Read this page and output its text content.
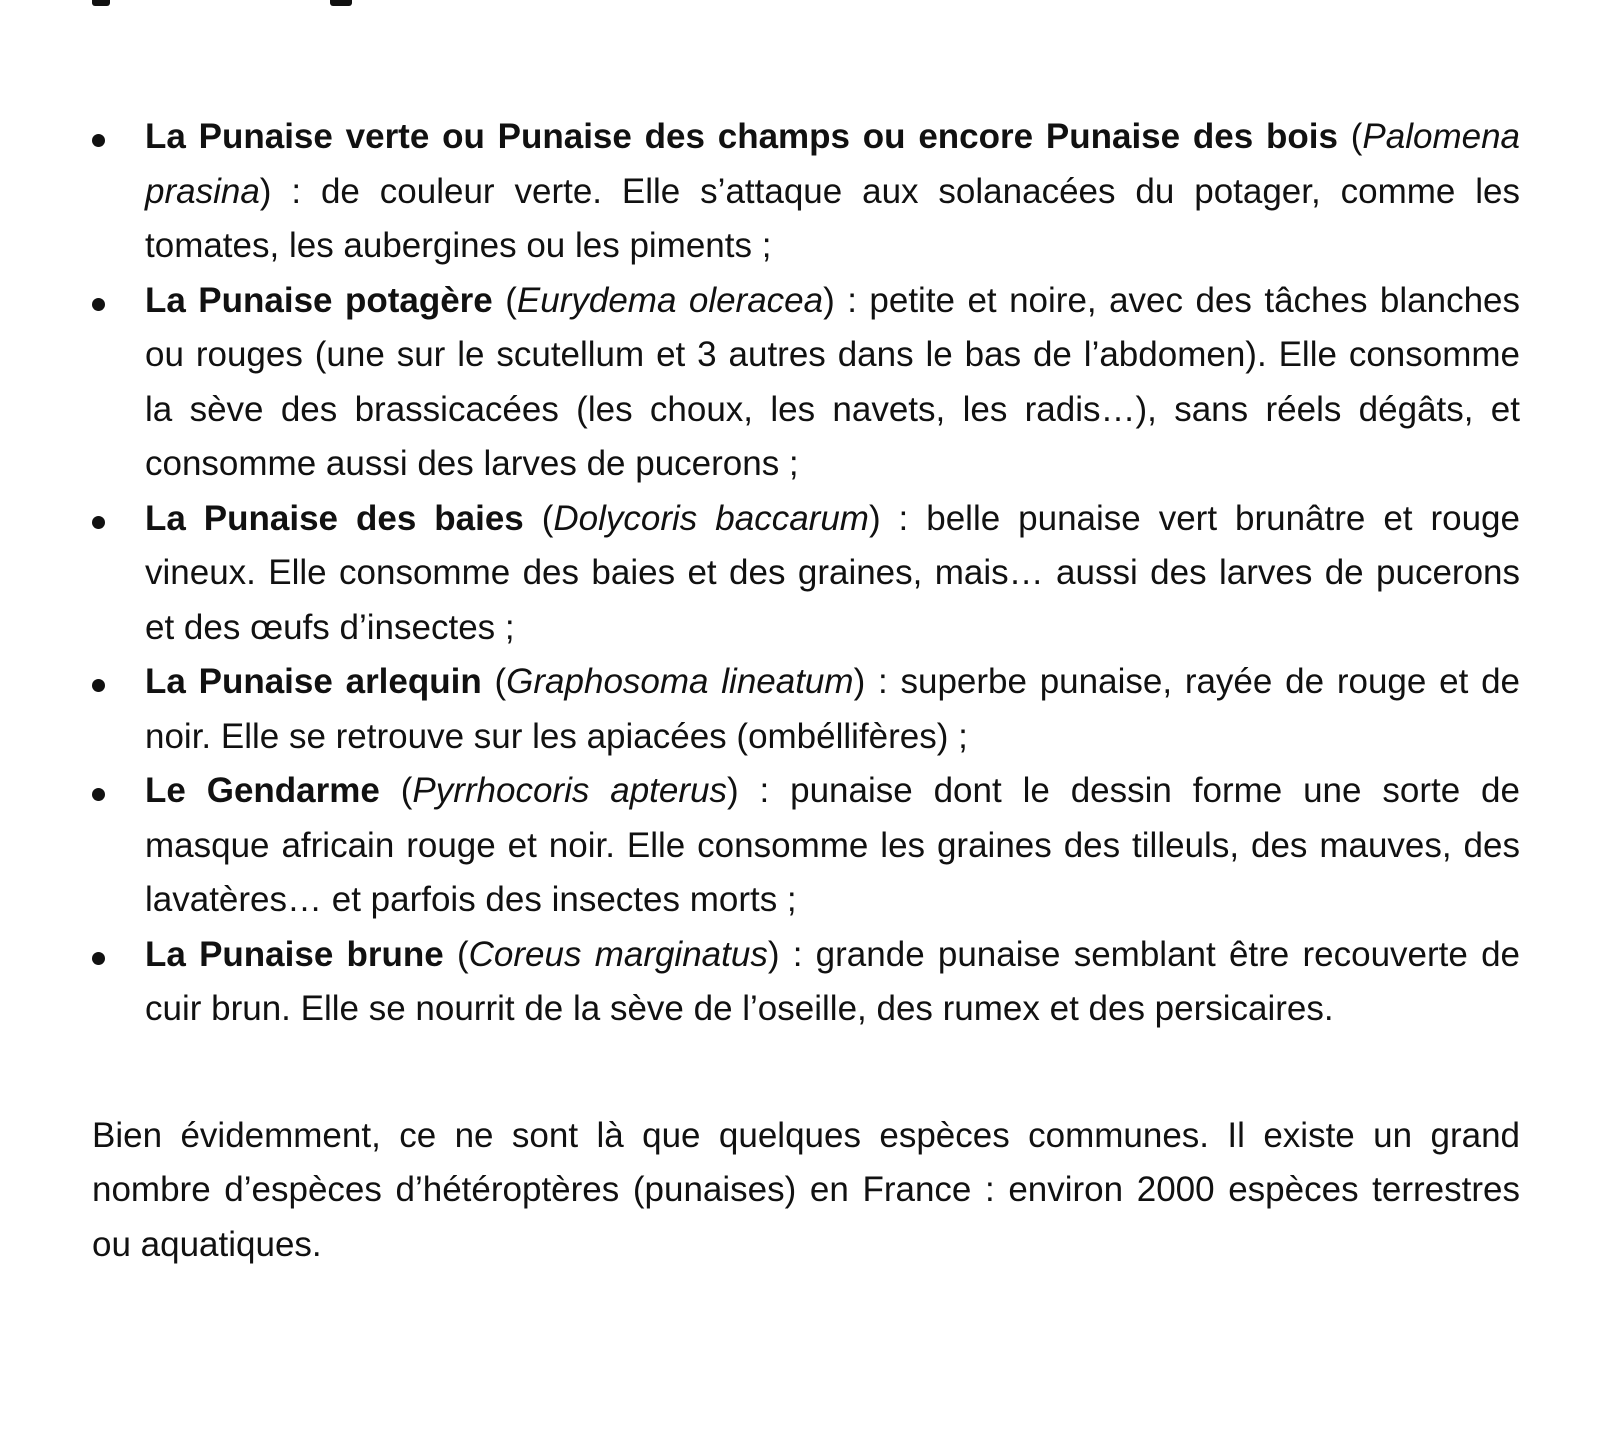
La Punaise verte ou Punaise des champs ou encore Punaise des bois (Palomena prasina) : de couleur verte. Elle s’attaque aux solanacées du potager, comme les tomates, les aubergines ou les piments ;
La Punaise potagère (Eurydema oleracea) : petite et noire, avec des tâches blanches ou rouges (une sur le scutellum et 3 autres dans le bas de l’abdomen). Elle consomme la sève des brassicacées (les choux, les navets, les radis…), sans réels dégâts, et consomme aussi des larves de pucerons ;
La Punaise des baies (Dolycoris baccarum) : belle punaise vert brunâtre et rouge vineux. Elle consomme des baies et des graines, mais… aussi des larves de pucerons et des œufs d’insectes ;
La Punaise arlequin (Graphosoma lineatum) : superbe punaise, rayée de rouge et de noir. Elle se retrouve sur les apiacées (ombéllifères) ;
Le Gendarme (Pyrrhocoris apterus) : punaise dont le dessin forme une sorte de masque africain rouge et noir. Elle consomme les graines des tilleuls, des mauves, des lavatères… et parfois des insectes morts ;
La Punaise brune (Coreus marginatus) : grande punaise semblant être recouverte de cuir brun. Elle se nourrit de la sève de l’oseille, des rumex et des persicaires.

Bien évidemment, ce ne sont là que quelques espèces communes. Il existe un grand nombre d’espèces d’hétéroptères (punaises) en France : environ 2000 espèces terrestres ou aquatiques.
